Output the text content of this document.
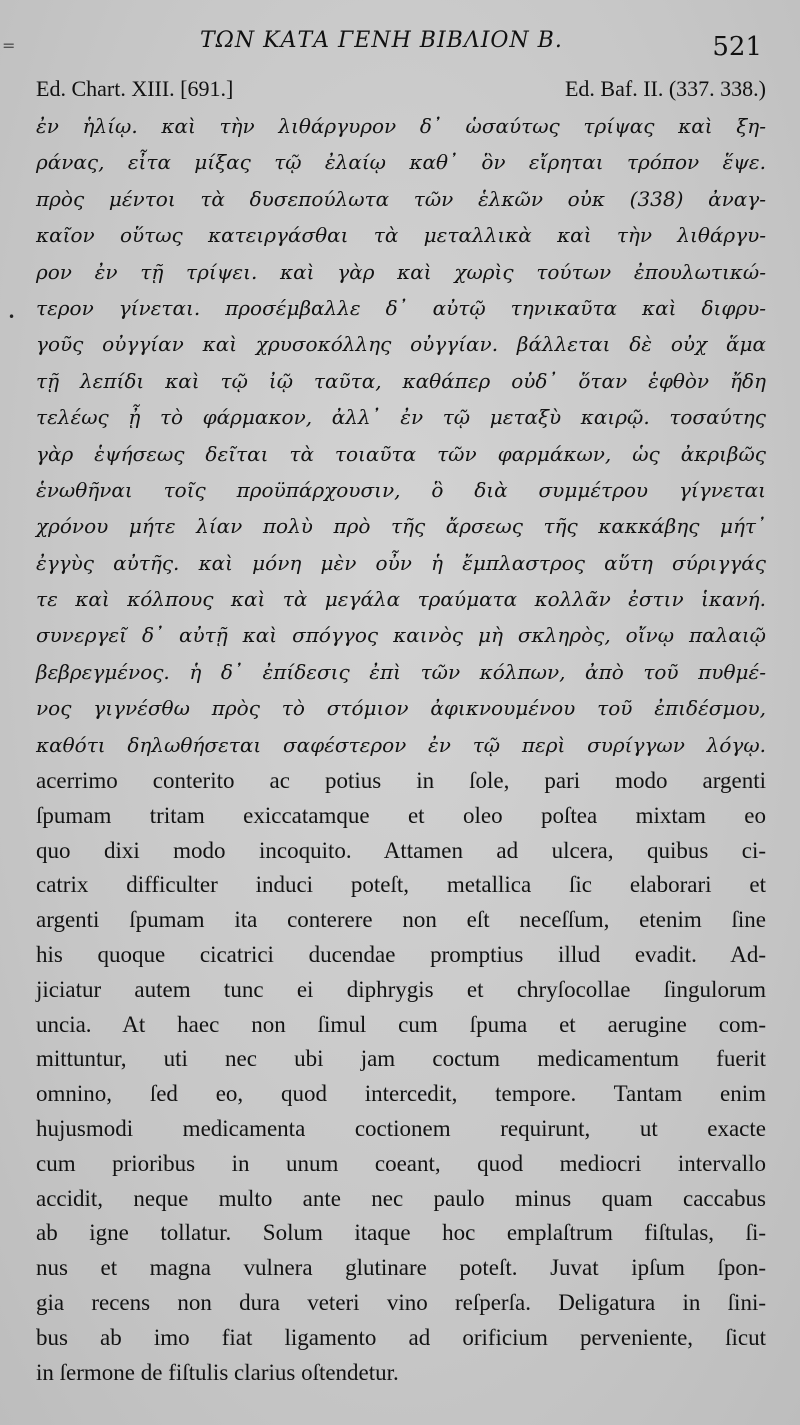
=	ΤΩΝ ΚΑΤΑ ΓΕΝΗ ΒΙΒΛΙΟΝ Β.	521
Ed. Chart. XIII. [691.]	Ed. Baf. II. (337. 338.)
•
ἐν ἡλίῳ. καὶ τὴν λιθάργυρον δ᾽ ὡσαύτως τρίψας καὶ ξη-
ράνας, εἶτα μίξας τῷ ἐλαίῳ καθ᾽ ὃν εἴρηται τρόπον ἕψε.
πρὸς μέντοι τὰ δυσεπούλωτα τῶν ἑλκῶν οὐκ (338) ἀναγ-
καῖον οὕτως κατειργάσθαι τὰ μεταλλικὰ καὶ τὴν λιθάργυ-
ρον ἐν τῇ τρίψει. καὶ γὰρ καὶ χωρὶς τούτων ἐπουλωτικώ-
τερον γίνεται. προσέμβαλλε δ᾽ αὐτῷ τηνικαῦτα καὶ διφρυ-
γοῦς οὐγγίαν καὶ χρυσοκόλλης οὐγγίαν. βάλλεται δὲ οὐχ ἅμα
τῇ λεπίδι καὶ τῷ ἰῷ ταῦτα, καθάπερ οὐδ᾽ ὅταν ἑφθὸν ἤδη
τελέως ᾖ τὸ φάρμακον, ἀλλ᾽ ἐν τῷ μεταξὺ καιρῷ. τοσαύτης
γὰρ ἑψήσεως δεῖται τὰ τοιαῦτα τῶν φαρμάκων, ὡς ἀκριβῶς
ἑνωθῆναι τοῖς προϋπάρχουσιν, ὃ διὰ συμμέτρου γίγνεται
χρόνου μήτε λίαν πολὺ πρὸ τῆς ἄρσεως τῆς κακκάβης μήτ᾽
ἐγγὺς αὐτῆς. καὶ μόνη μὲν οὖν ἡ ἔμπλαστρος αὕτη σύριγγάς
τε καὶ κόλπους καὶ τὰ μεγάλα τραύματα κολλᾶν ἐστιν ἱκανή.
συνεργεῖ δ᾽ αὐτῇ καὶ σπόγγος καινὸς μὴ σκληρὸς, οἴνῳ παλαιῷ
βεβρεγμένος. ἡ δ᾽ ἐπίδεσις ἐπὶ τῶν κόλπων, ἀπὸ τοῦ πυθμέ-
νος γιγνέσθω πρὸς τὸ στόμιον ἀφικνουμένου τοῦ ἐπιδέσμου,
καθότι δηλωθήσεται σαφέστερον ἐν τῷ περὶ συρίγγων λόγῳ.
acerrimo conterito ac potius in ſole, pari modo argenti
ſpumam tritam exiccatamque et oleo poſtea mixtam eo
quo dixi modo incoquito. Attamen ad ulcera, quibus ci-
catrix difficulter induci poteſt, metallica ſic elaborari et
argenti ſpumam ita conterere non eſt neceſſum, etenim ſine
his quoque cicatrici ducendae promptius illud evadit. Ad-
jiciatur autem tunc ei diphrygis et chryſocollae ſingulorum
uncia. At haec non ſimul cum ſpuma et aerugine com-
mittuntur, uti nec ubi jam coctum medicamentum fuerit
omnino, ſed eo, quod intercedit, tempore. Tantam enim
hujusmodi medicamenta coctionem requirunt, ut exacte
cum prioribus in unum coeant, quod mediocri intervallo
accidit, neque multo ante nec paulo minus quam caccabus
ab igne tollatur. Solum itaque hoc emplaſtrum fiſtulas, ſi-
nus et magna vulnera glutinare poteſt. Juvat ipſum ſpon-
gia recens non dura veteri vino reſperſa. Deligatura in ſini-
bus ab imo fiat ligamento ad orificium perveniente, ſicut
in ſermone de fiſtulis clarius oſtendetur.
